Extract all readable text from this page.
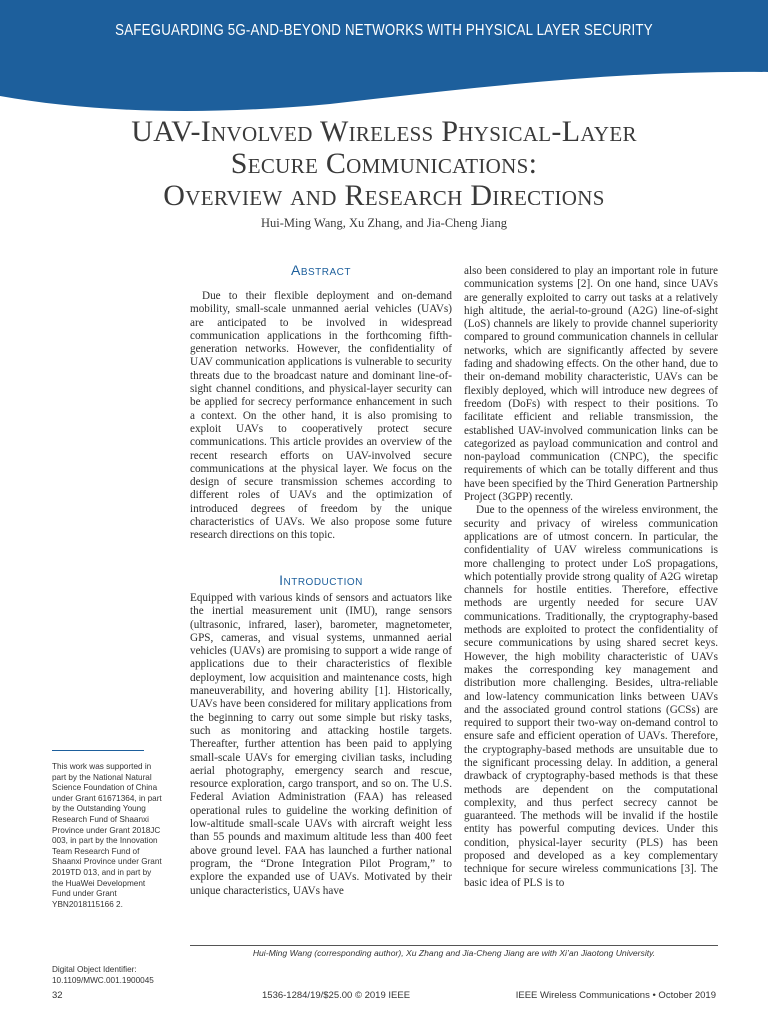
SAFEGUARDING 5G-AND-BEYOND NETWORKS WITH PHYSICAL LAYER SECURITY
UAV-Involved Wireless Physical-Layer
Secure Communications:
Overview and Research Directions
Hui-Ming Wang, Xu Zhang, and Jia-Cheng Jiang
Abstract

Due to their flexible deployment and on-demand mobility, small-scale unmanned aerial vehicles (UAVs) are anticipated to be involved in widespread communication applications in the forthcoming fifth-generation networks. However, the confidentiality of UAV communication applications is vulnerable to security threats due to the broadcast nature and dominant line-of-sight channel conditions, and physical-layer security can be applied for secrecy performance enhancement in such a context. On the other hand, it is also promising to exploit UAVs to cooperatively protect secure communications. This article provides an overview of the recent research efforts on UAV-involved secure communications at the physical layer. We focus on the design of secure transmission schemes according to different roles of UAVs and the optimization of introduced degrees of freedom by the unique characteristics of UAVs. We also propose some future research directions on this topic.

Introduction

Equipped with various kinds of sensors and actuators like the inertial measurement unit (IMU), range sensors (ultrasonic, infrared, laser), barometer, magnetometer, GPS, cameras, and visual systems, unmanned aerial vehicles (UAVs) are promising to support a wide range of applications due to their characteristics of flexible deployment, low acquisition and maintenance costs, high maneuverability, and hovering ability [1]. Historically, UAVs have been considered for military applications from the beginning to carry out some simple but risky tasks, such as monitoring and attacking hostile targets. Thereafter, further attention has been paid to applying small-scale UAVs for emerging civilian tasks, including aerial photography, emergency search and rescue, resource exploration, cargo transport, and so on. The U.S. Federal Aviation Administration (FAA) has released operational rules to guideline the working definition of low-altitude small-scale UAVs with aircraft weight less than 55 pounds and maximum altitude less than 400 feet above ground level. FAA has launched a further national program, the “Drone Integration Pilot Program,” to explore the expanded use of UAVs. Motivated by their unique characteristics, UAVs have

also been considered to play an important role in future communication systems [2]. On one hand, since UAVs are generally exploited to carry out tasks at a relatively high altitude, the aerial-to-ground (A2G) line-of-sight (LoS) channels are likely to provide channel superiority compared to ground communication channels in cellular networks, which are significantly affected by severe fading and shadowing effects. On the other hand, due to their on-demand mobility characteristic, UAVs can be flexibly deployed, which will introduce new degrees of freedom (DoFs) with respect to their positions. To facilitate efficient and reliable transmission, the established UAV-involved communication links can be categorized as payload communication and control and non-payload communication (CNPC), the specific requirements of which can be totally different and thus have been specified by the Third Generation Partnership Project (3GPP) recently.

Due to the openness of the wireless environment, the security and privacy of wireless communication applications are of utmost concern. In particular, the confidentiality of UAV wireless communications is more challenging to protect under LoS propagations, which potentially provide strong quality of A2G wiretap channels for hostile entities. Therefore, effective methods are urgently needed for secure UAV communications. Traditionally, the cryptography-based methods are exploited to protect the confidentiality of secure communications by using shared secret keys. However, the high mobility characteristic of UAVs makes the corresponding key management and distribution more challenging. Besides, ultra-reliable and low-latency communication links between UAVs and the associated ground control stations (GCSs) are required to support their two-way on-demand control to ensure safe and efficient operation of UAVs. Therefore, the cryptography-based methods are unsuitable due to the significant processing delay. In addition, a general drawback of cryptography-based methods is that these methods are dependent on the computational complexity, and thus perfect secrecy cannot be guaranteed. The methods will be invalid if the hostile entity has powerful computing devices. Under this condition, physical-layer security (PLS) has been proposed and developed as a key complementary technique for secure wireless communications [3]. The basic idea of PLS is to

This work was supported in part by the National Natural Science Foundation of China under Grant 61671364, in part by the Outstanding Young Research Fund of Shaanxi Province under Grant 2018JC 003, in part by the Innovation Team Research Fund of Shaanxi Province under Grant 2019TD 013, and in part by the HuaWei Development Fund under Grant YBN2018115166 2.
Digital Object Identifier:
10.1109/MWC.001.1900045
Hui-Ming Wang (corresponding author), Xu Zhang and Jia-Cheng Jiang are with Xi’an Jiaotong University.
32	1536-1284/19/$25.00 © 2019 IEEE	IEEE Wireless Communications • October 2019
